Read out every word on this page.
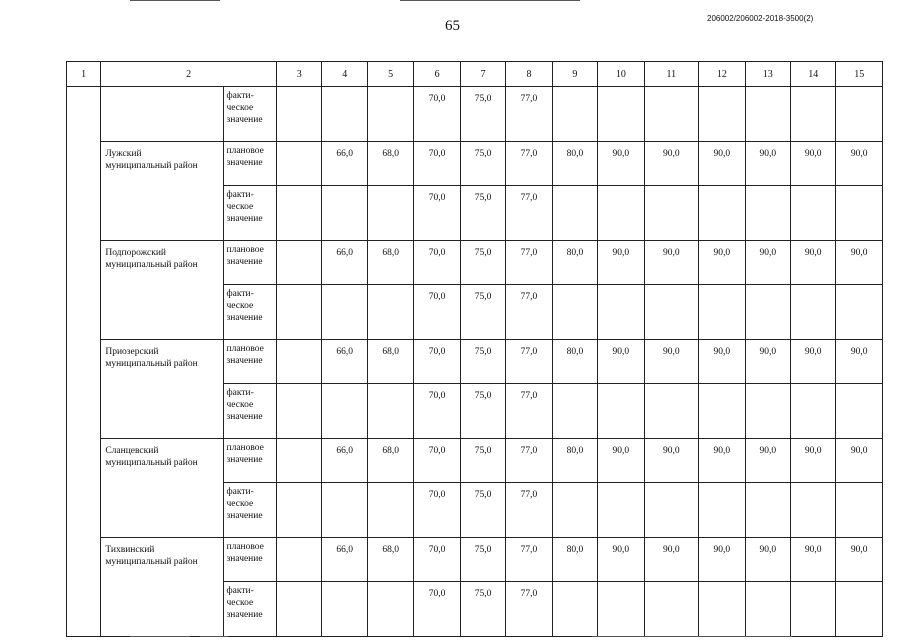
65	206002/206002-2018-3500(2)
1	2		3	4	5	6	7	8	9	10	11	12	13	14	15
		факти-
ческое
значение				70,0	75,0	77,0							
	Лужский
муниципальный район	плановое
значение		66,0	68,0	70,0	75,0	77,0	80,0	90,0	90,0	90,0	90,0	90,0	90,0
		факти-
ческое
значение				70,0	75,0	77,0							
	Подпорожский
муниципальный район	плановое
значение		66,0	68,0	70,0	75,0	77,0	80,0	90,0	90,0	90,0	90,0	90,0	90,0
		факти-
ческое
значение				70,0	75,0	77,0							
	Приозерский
муниципальный район	плановое
значение		66,0	68,0	70,0	75,0	77,0	80,0	90,0	90,0	90,0	90,0	90,0	90,0
		факти-
ческое
значение				70,0	75,0	77,0							
	Сланцевский
муниципальный район	плановое
значение		66,0	68,0	70,0	75,0	77,0	80,0	90,0	90,0	90,0	90,0	90,0	90,0
		факти-
ческое
значение				70,0	75,0	77,0							
	Тихвинский
муниципальный район	плановое
значение		66,0	68,0	70,0	75,0	77,0	80,0	90,0	90,0	90,0	90,0	90,0	90,0
		факти-
ческое
значение				70,0	75,0	77,0							
